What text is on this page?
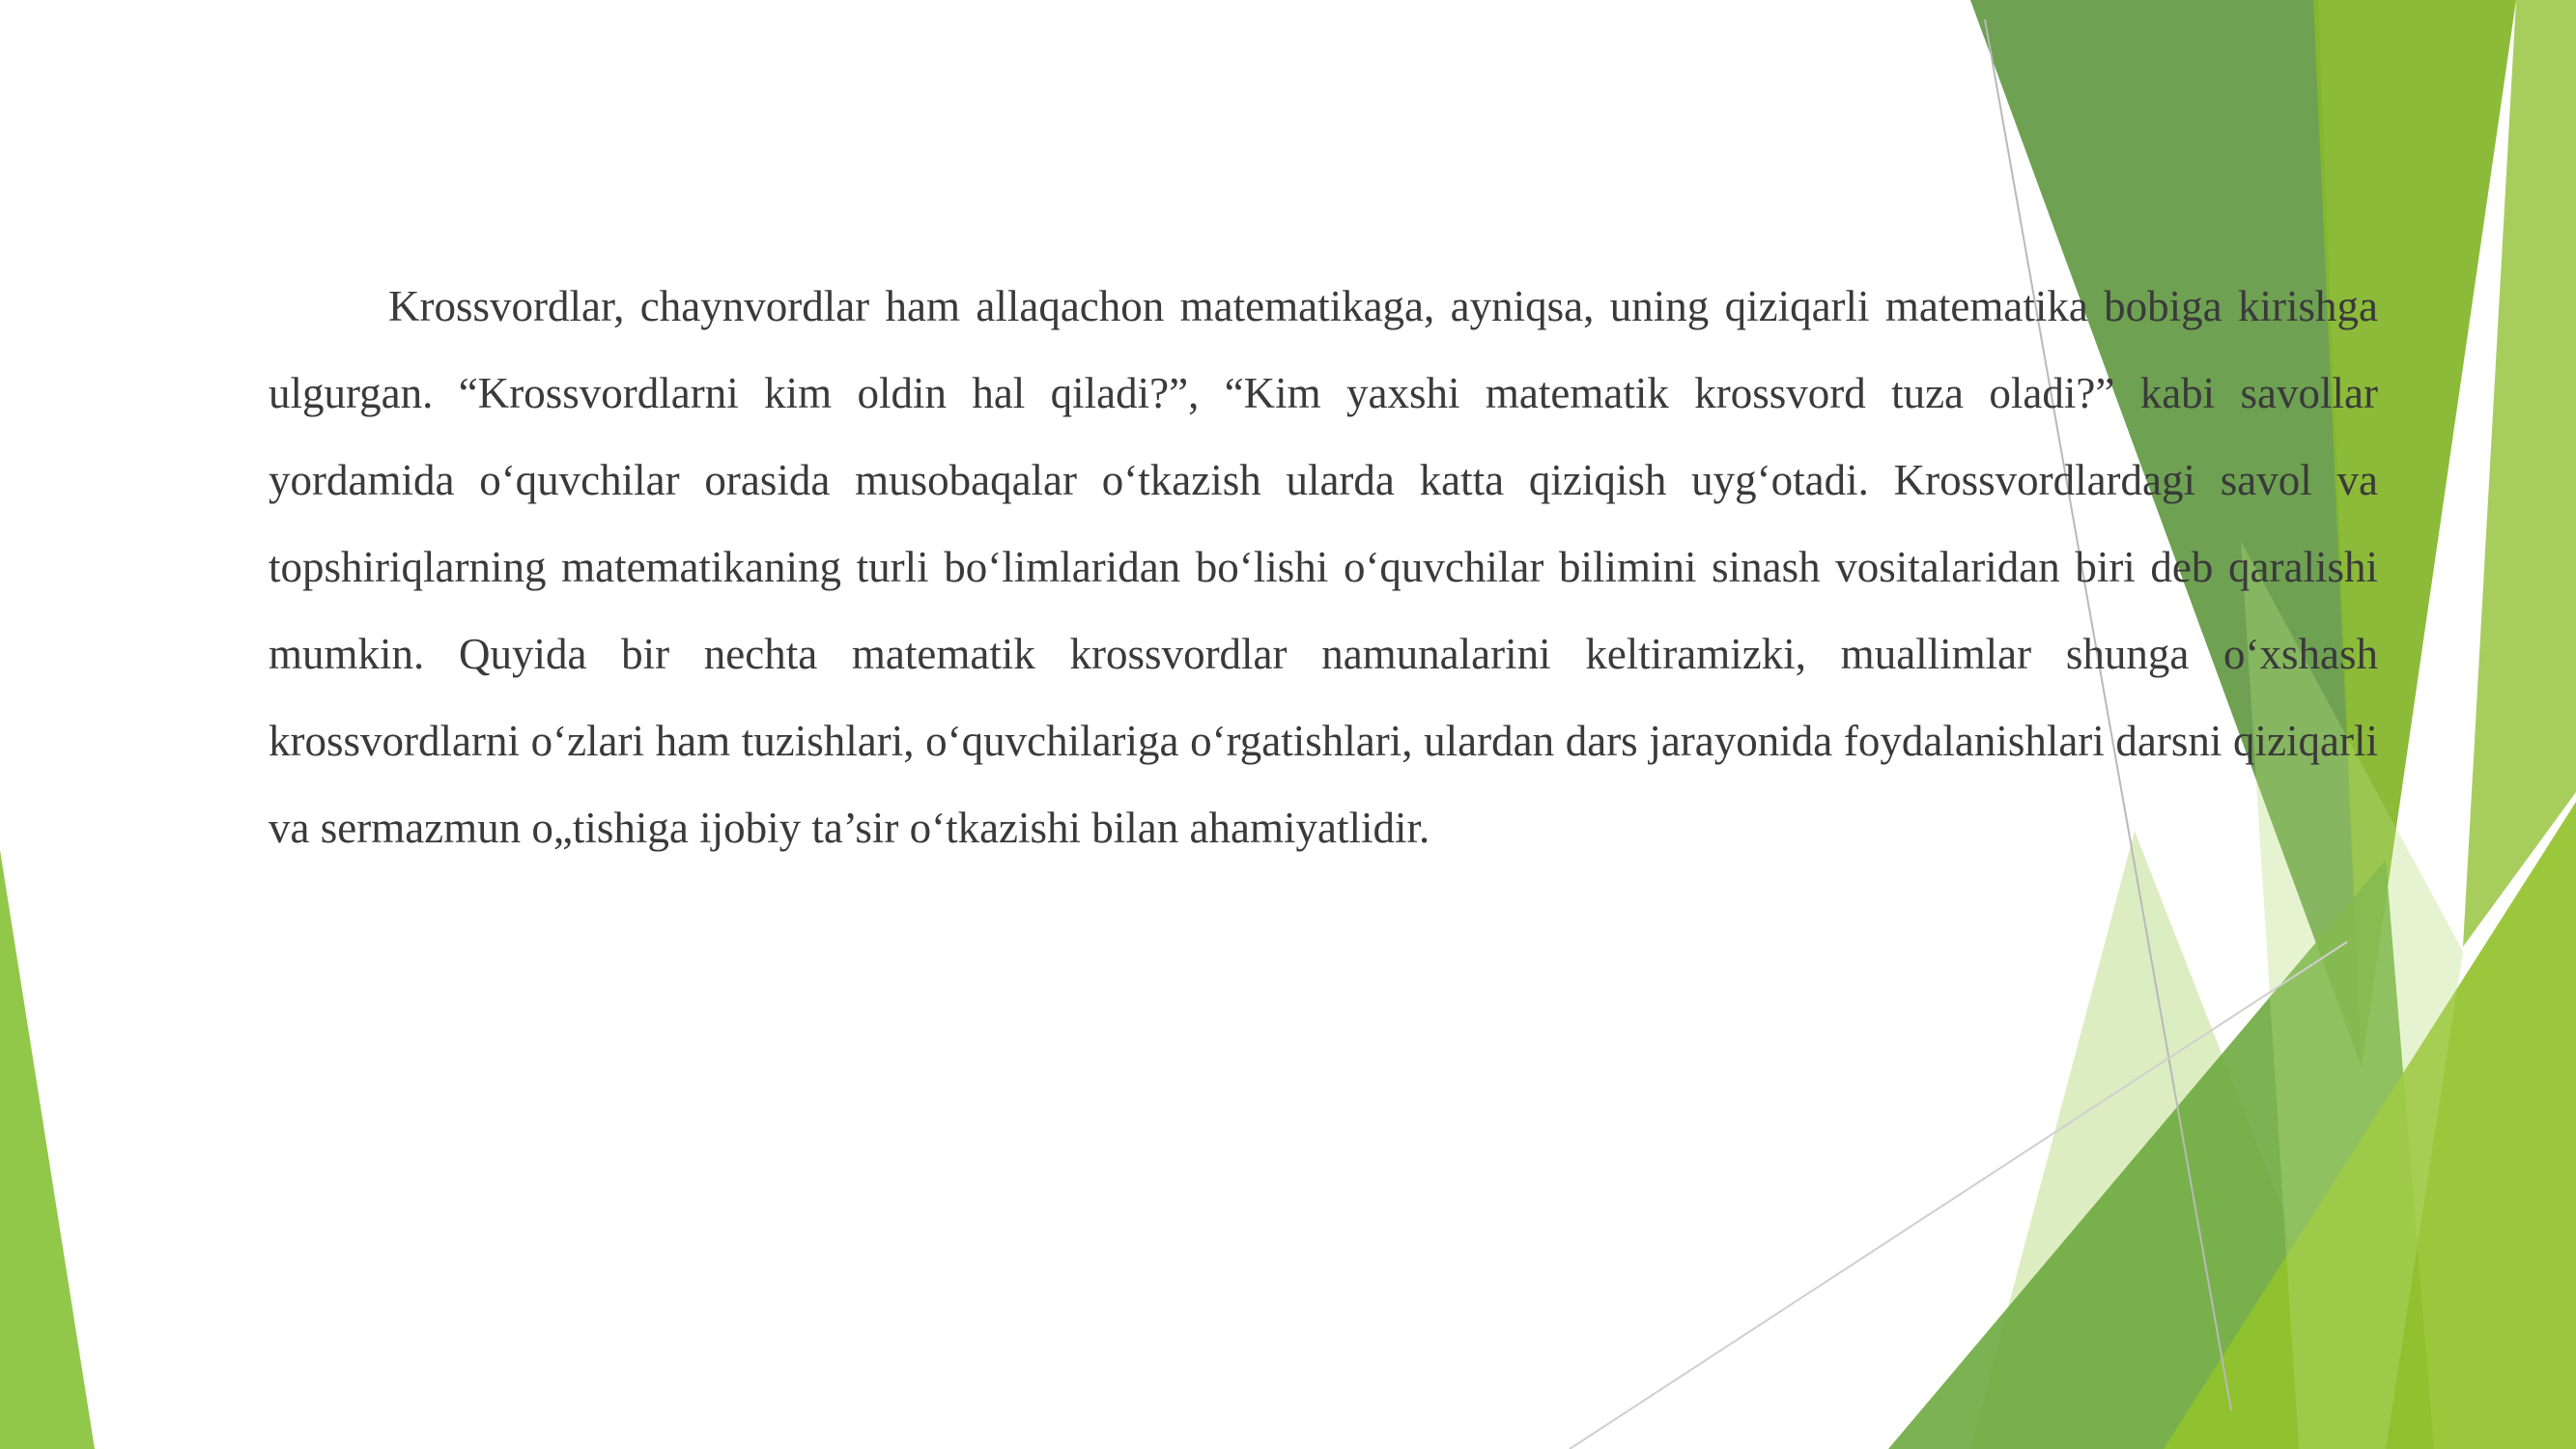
Krossvordlar, chaynvordlar ham allaqachon matematikaga, ayniqsa, uning qiziqarli matematika bobiga kirishga ulgurgan. “Krossvordlarni kim oldin hal qiladi?”, “Kim yaxshi matematik krossvord tuza oladi?” kabi savollar yordamida o‘quvchilar orasida musobaqalar o‘tkazish ularda katta qiziqish uyg‘otadi. Krossvordlardagi savol va topshiriqlarning matematikaning turli bo‘limlaridan bo‘lishi o‘quvchilar bilimini sinash vositalaridan biri deb qaralishi mumkin. Quyida bir nechta matematik krossvordlar namunalarini keltiramizki, muallimlar shunga o‘xshash krossvordlarni o‘zlari ham tuzishlari, o‘quvchilariga o‘rgatishlari, ulardan dars jarayonida foydalanishlari darsni qiziqarli va sermazmun o„tishiga ijobiy ta’sir o‘tkazishi bilan ahamiyatlidir.
